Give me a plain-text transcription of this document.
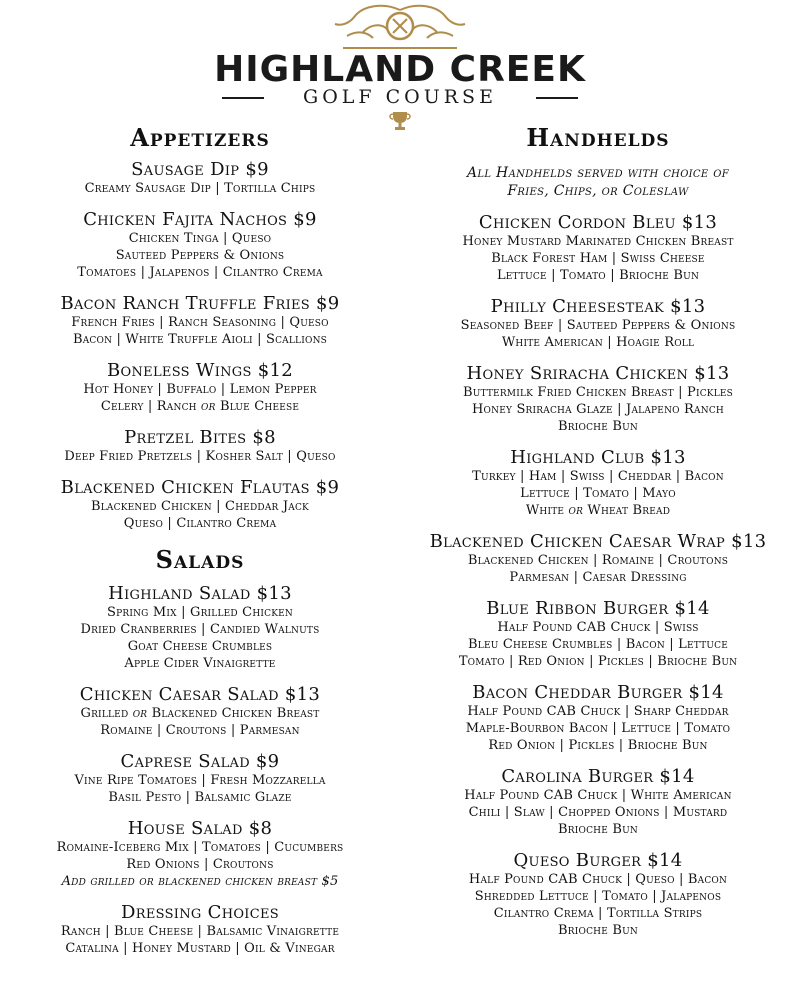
HIGHLAND CREEK
GOLF COURSE
Appetizers
Sausage Dip $9
Creamy Sausage Dip | Tortilla Chips
Chicken Fajita Nachos $9
Chicken Tinga | Queso
Sauteed Peppers & Onions
Tomatoes | Jalapenos | Cilantro Crema
Bacon Ranch Truffle Fries $9
French Fries | Ranch Seasoning | Queso
Bacon | White Truffle Aioli | Scallions
Boneless Wings $12
Hot Honey | Buffalo | Lemon Pepper
Celery | Ranch or Blue Cheese
Pretzel Bites $8
Deep Fried Pretzels | Kosher Salt | Queso
Blackened Chicken Flautas $9
Blackened Chicken | Cheddar Jack
Queso | Cilantro Crema
Salads
Highland Salad $13
Spring Mix | Grilled Chicken
Dried Cranberries | Candied Walnuts
Goat Cheese Crumbles
Apple Cider Vinaigrette
Chicken Caesar Salad $13
Grilled or Blackened Chicken Breast
Romaine | Croutons | Parmesan
Caprese Salad $9
Vine Ripe Tomatoes | Fresh Mozzarella
Basil Pesto | Balsamic Glaze
House Salad $8
Romaine-Iceberg Mix | Tomatoes | Cucumbers
Red Onions | Croutons
Add grilled or blackened chicken breast $5
Dressing Choices
Ranch | Blue Cheese | Balsamic Vinaigrette
Catalina | Honey Mustard | Oil & Vinegar
Handhelds
All Handhelds served with choice of
Fries, Chips, or Coleslaw
Chicken Cordon Bleu $13
Honey Mustard Marinated Chicken Breast
Black Forest Ham | Swiss Cheese
Lettuce | Tomato | Brioche Bun
Philly Cheesesteak $13
Seasoned Beef | Sauteed Peppers & Onions
White American | Hoagie Roll
Honey Sriracha Chicken $13
Buttermilk Fried Chicken Breast | Pickles
Honey Sriracha Glaze | Jalapeno Ranch
Brioche Bun
Highland Club $13
Turkey | Ham | Swiss | Cheddar | Bacon
Lettuce | Tomato | Mayo
White or Wheat Bread
Blackened Chicken Caesar Wrap $13
Blackened Chicken | Romaine | Croutons
Parmesan | Caesar Dressing
Blue Ribbon Burger $14
Half Pound CAB Chuck | Swiss
Bleu Cheese Crumbles | Bacon | Lettuce
Tomato | Red Onion | Pickles | Brioche Bun
Bacon Cheddar Burger $14
Half Pound CAB Chuck | Sharp Cheddar
Maple-Bourbon Bacon | Lettuce | Tomato
Red Onion | Pickles | Brioche Bun
Carolina Burger $14
Half Pound CAB Chuck | White American
Chili | Slaw | Chopped Onions | Mustard
Brioche Bun
Queso Burger $14
Half Pound CAB Chuck | Queso | Bacon
Shredded Lettuce | Tomato | Jalapenos
Cilantro Crema | Tortilla Strips
Brioche Bun
